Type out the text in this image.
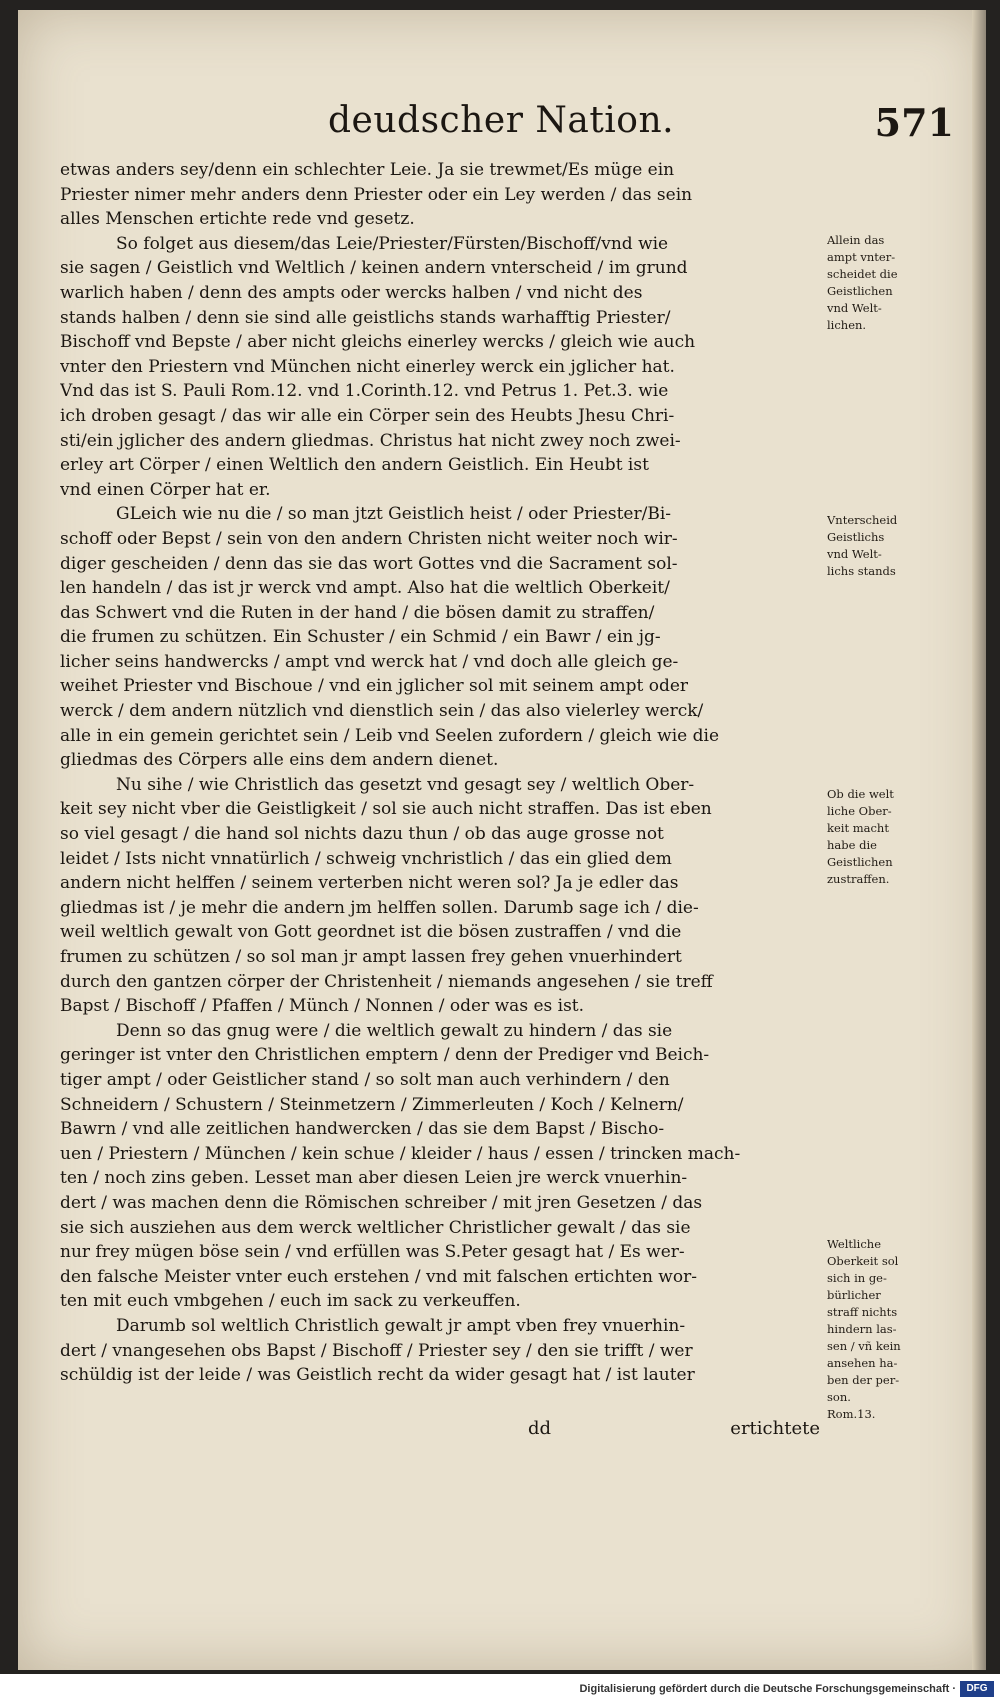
deudscher Nation.	571
etwas anders sey/denn ein schlechter Leie. Ja sie trewmet/Es müge ein
Priester nimer mehr anders denn Priester oder ein Ley werden / das sein
alles Menschen ertichte rede vnd gesetz.
So folget aus diesem/das Leie/Priester/Fürsten/Bischoff/vnd wie
sie sagen / Geistlich vnd Weltlich / keinen andern vnterscheid / im grund
warlich haben / denn des ampts oder wercks halben / vnd nicht des
stands halben / denn sie sind alle geistlichs stands warhafftig Priester/
Bischoff vnd Bepste / aber nicht gleichs einerley wercks / gleich wie auch
vnter den Priestern vnd München nicht einerley werck ein jglicher hat.
Vnd das ist S. Pauli Rom.12. vnd 1.Corinth.12. vnd Petrus 1. Pet.3. wie
ich droben gesagt / das wir alle ein Cörper sein des Heubts Jhesu Chri-
sti/ein jglicher des andern gliedmas. Christus hat nicht zwey noch zwei-
erley art Cörper / einen Weltlich den andern Geistlich. Ein Heubt ist
vnd einen Cörper hat er.
GLeich wie nu die / so man jtzt Geistlich heist / oder Priester/Bi-
schoff oder Bepst / sein von den andern Christen nicht weiter noch wir-
diger gescheiden / denn das sie das wort Gottes vnd die Sacrament sol-
len handeln / das ist jr werck vnd ampt. Also hat die weltlich Oberkeit/
das Schwert vnd die Ruten in der hand / die bösen damit zu straffen/
die frumen zu schützen. Ein Schuster / ein Schmid / ein Bawr / ein jg-
licher seins handwercks / ampt vnd werck hat / vnd doch alle gleich ge-
weihet Priester vnd Bischoue / vnd ein jglicher sol mit seinem ampt oder
werck / dem andern nützlich vnd dienstlich sein / das also vielerley werck/
alle in ein gemein gerichtet sein / Leib vnd Seelen zufordern / gleich wie die
gliedmas des Cörpers alle eins dem andern dienet.
Nu sihe / wie Christlich das gesetzt vnd gesagt sey / weltlich Ober-
keit sey nicht vber die Geistligkeit / sol sie auch nicht straffen. Das ist eben
so viel gesagt / die hand sol nichts dazu thun / ob das auge grosse not
leidet / Ists nicht vnnatürlich / schweig vnchristlich / das ein glied dem
andern nicht helffen / seinem verterben nicht weren sol? Ja je edler das
gliedmas ist / je mehr die andern jm helffen sollen. Darumb sage ich / die-
weil weltlich gewalt von Gott geordnet ist die bösen zustraffen / vnd die
frumen zu schützen / so sol man jr ampt lassen frey gehen vnuerhindert
durch den gantzen cörper der Christenheit / niemands angesehen / sie treff
Bapst / Bischoff / Pfaffen / Münch / Nonnen / oder was es ist.
Denn so das gnug were / die weltlich gewalt zu hindern / das sie
geringer ist vnter den Christlichen emptern / denn der Prediger vnd Beich-
tiger ampt / oder Geistlicher stand / so solt man auch verhindern / den
Schneidern / Schustern / Steinmetzern / Zimmerleuten / Koch / Kelnern/
Bawrn / vnd alle zeitlichen handwercken / das sie dem Bapst / Bischo-
uen / Priestern / München / kein schue / kleider / haus / essen / trincken mach-
ten / noch zins geben. Lesset man aber diesen Leien jre werck vnuerhin-
dert / was machen denn die Römischen schreiber / mit jren Gesetzen / das
sie sich ausziehen aus dem werck weltlicher Christlicher gewalt / das sie
nur frey mügen böse sein / vnd erfüllen was S.Peter gesagt hat / Es wer-
den falsche Meister vnter euch erstehen / vnd mit falschen ertichten wor-
ten mit euch vmbgehen / euch im sack zu verkeuffen.
Darumb sol weltlich Christlich gewalt jr ampt vben frey vnuerhin-
dert / vnangesehen obs Bapst / Bischoff / Priester sey / den sie trifft / wer
schüldig ist der leide / was Geistlich recht da wider gesagt hat / ist lauter
Allein das
ampt vnter-
scheidet die
Geistlichen
vnd Welt-
lichen.
Vnterscheid
Geistlichs
vnd Welt-
lichs stands
Ob die welt
liche Ober-
keit macht
habe die
Geistlichen
zustraffen.
Weltliche
Oberkeit sol
sich in ge-
bürlicher
straff nichts
hindern las-
sen / vñ kein
ansehen ha-
ben der per-
son.
Rom.13.
dd	ertichtete
Digitalisierung gefördert durch die Deutsche Forschungsgemeinschaft ·	DFG
